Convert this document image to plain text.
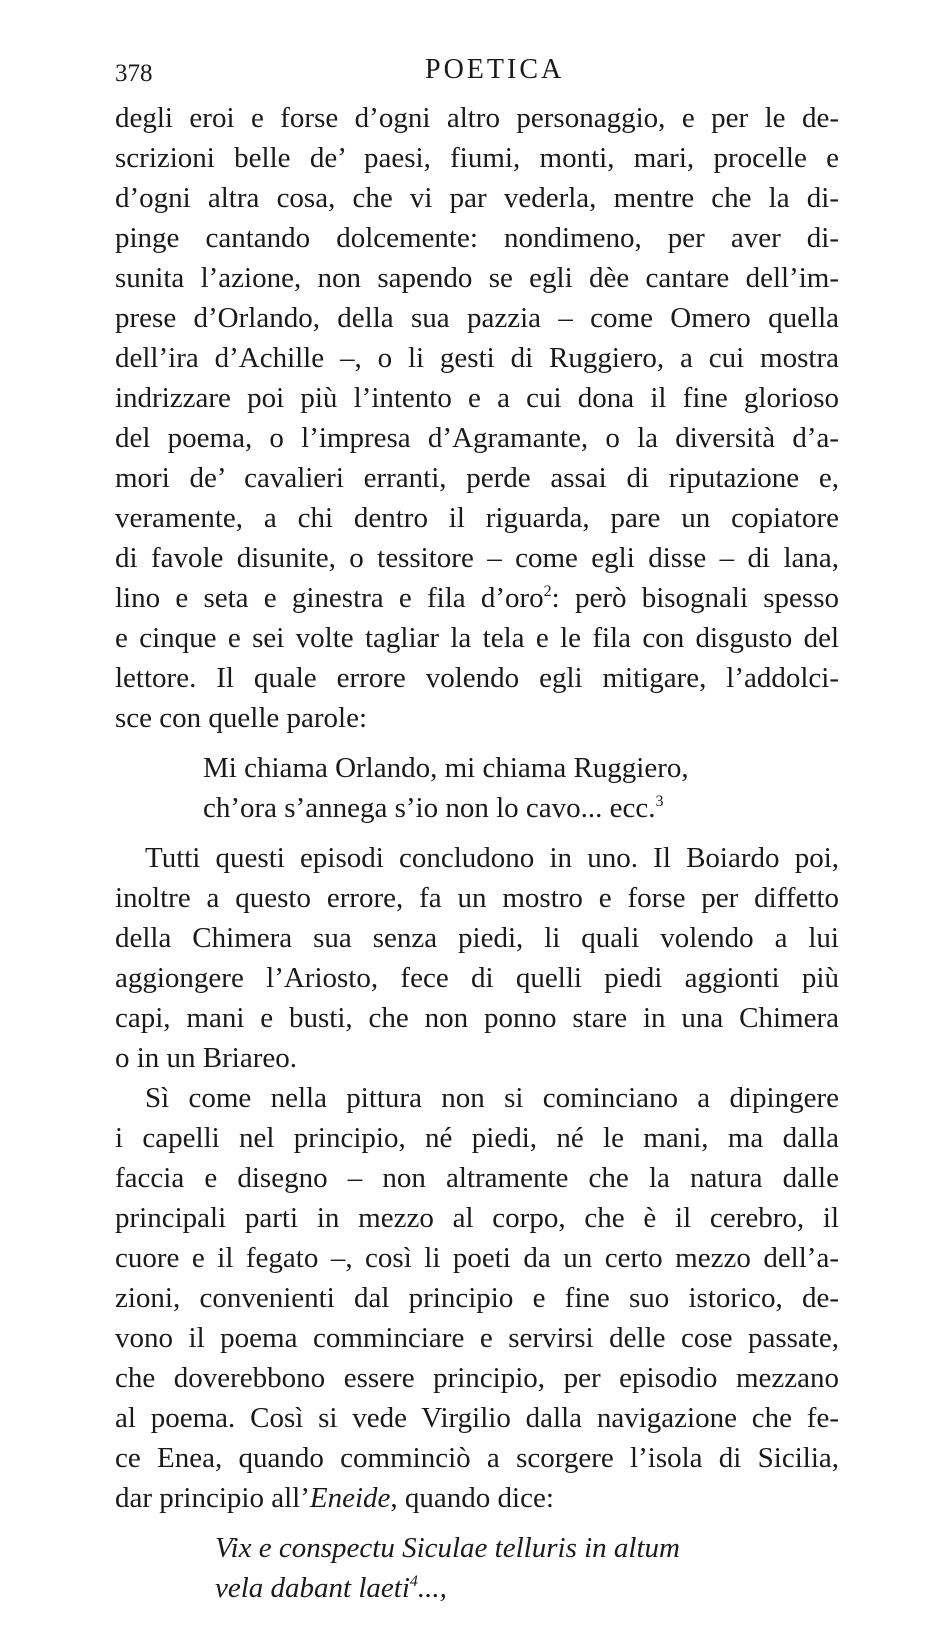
378	POETICA
degli eroi e forse d’ogni altro personaggio, e per le de‑
scrizioni belle de’ paesi, fiumi, monti, mari, procelle e
d’ogni altra cosa, che vi par vederla, mentre che la di‑
pinge cantando dolcemente: nondimeno, per aver di‑
sunita l’azione, non sapendo se egli dèe cantare dell’im‑
prese d’Orlando, della sua pazzia – come Omero quella
dell’ira d’Achille –, o li gesti di Ruggiero, a cui mostra
indrizzare poi più l’intento e a cui dona il fine glorioso
del poema, o l’impresa d’Agramante, o la diversità d’a‑
mori de’ cavalieri erranti, perde assai di riputazione e,
veramente, a chi dentro il riguarda, pare un copiatore
di favole disunite, o tessitore – come egli disse – di lana,
lino e seta e ginestra e fila d’oro$^2$: però bisognali spesso
e cinque e sei volte tagliar la tela e le fila con disgusto del
lettore. Il quale errore volendo egli mitigare, l’addolci‑
sce con quelle parole:
Mi chiama Orlando, mi chiama Ruggiero,
ch’ora s’annega s’io non lo cavo... ecc.$^3$
Tutti questi episodi concludono in uno. Il Boiardo poi,
inoltre a questo errore, fa un mostro e forse per diffetto
della Chimera sua senza piedi, li quali volendo a lui
aggiongere l’Ariosto, fece di quelli piedi aggionti più
capi, mani e busti, che non ponno stare in una Chimera
o in un Briareo.
Sì come nella pittura non si cominciano a dipingere
i capelli nel principio, né piedi, né le mani, ma dalla
faccia e disegno – non altramente che la natura dalle
principali parti in mezzo al corpo, che è il cerebro, il
cuore e il fegato –, così li poeti da un certo mezzo dell’a‑
zioni, convenienti dal principio e fine suo istorico, de‑
vono il poema comminciare e servirsi delle cose passate,
che doverebbono essere principio, per episodio mezzano
al poema. Così si vede Virgilio dalla navigazione che fe‑
ce Enea, quando comminciò a scorgere l’isola di Sicilia,
dar principio all’Eneide, quando dice:
Vix e conspectu Siculae telluris in altum
vela dabant laeti$^4$...,
